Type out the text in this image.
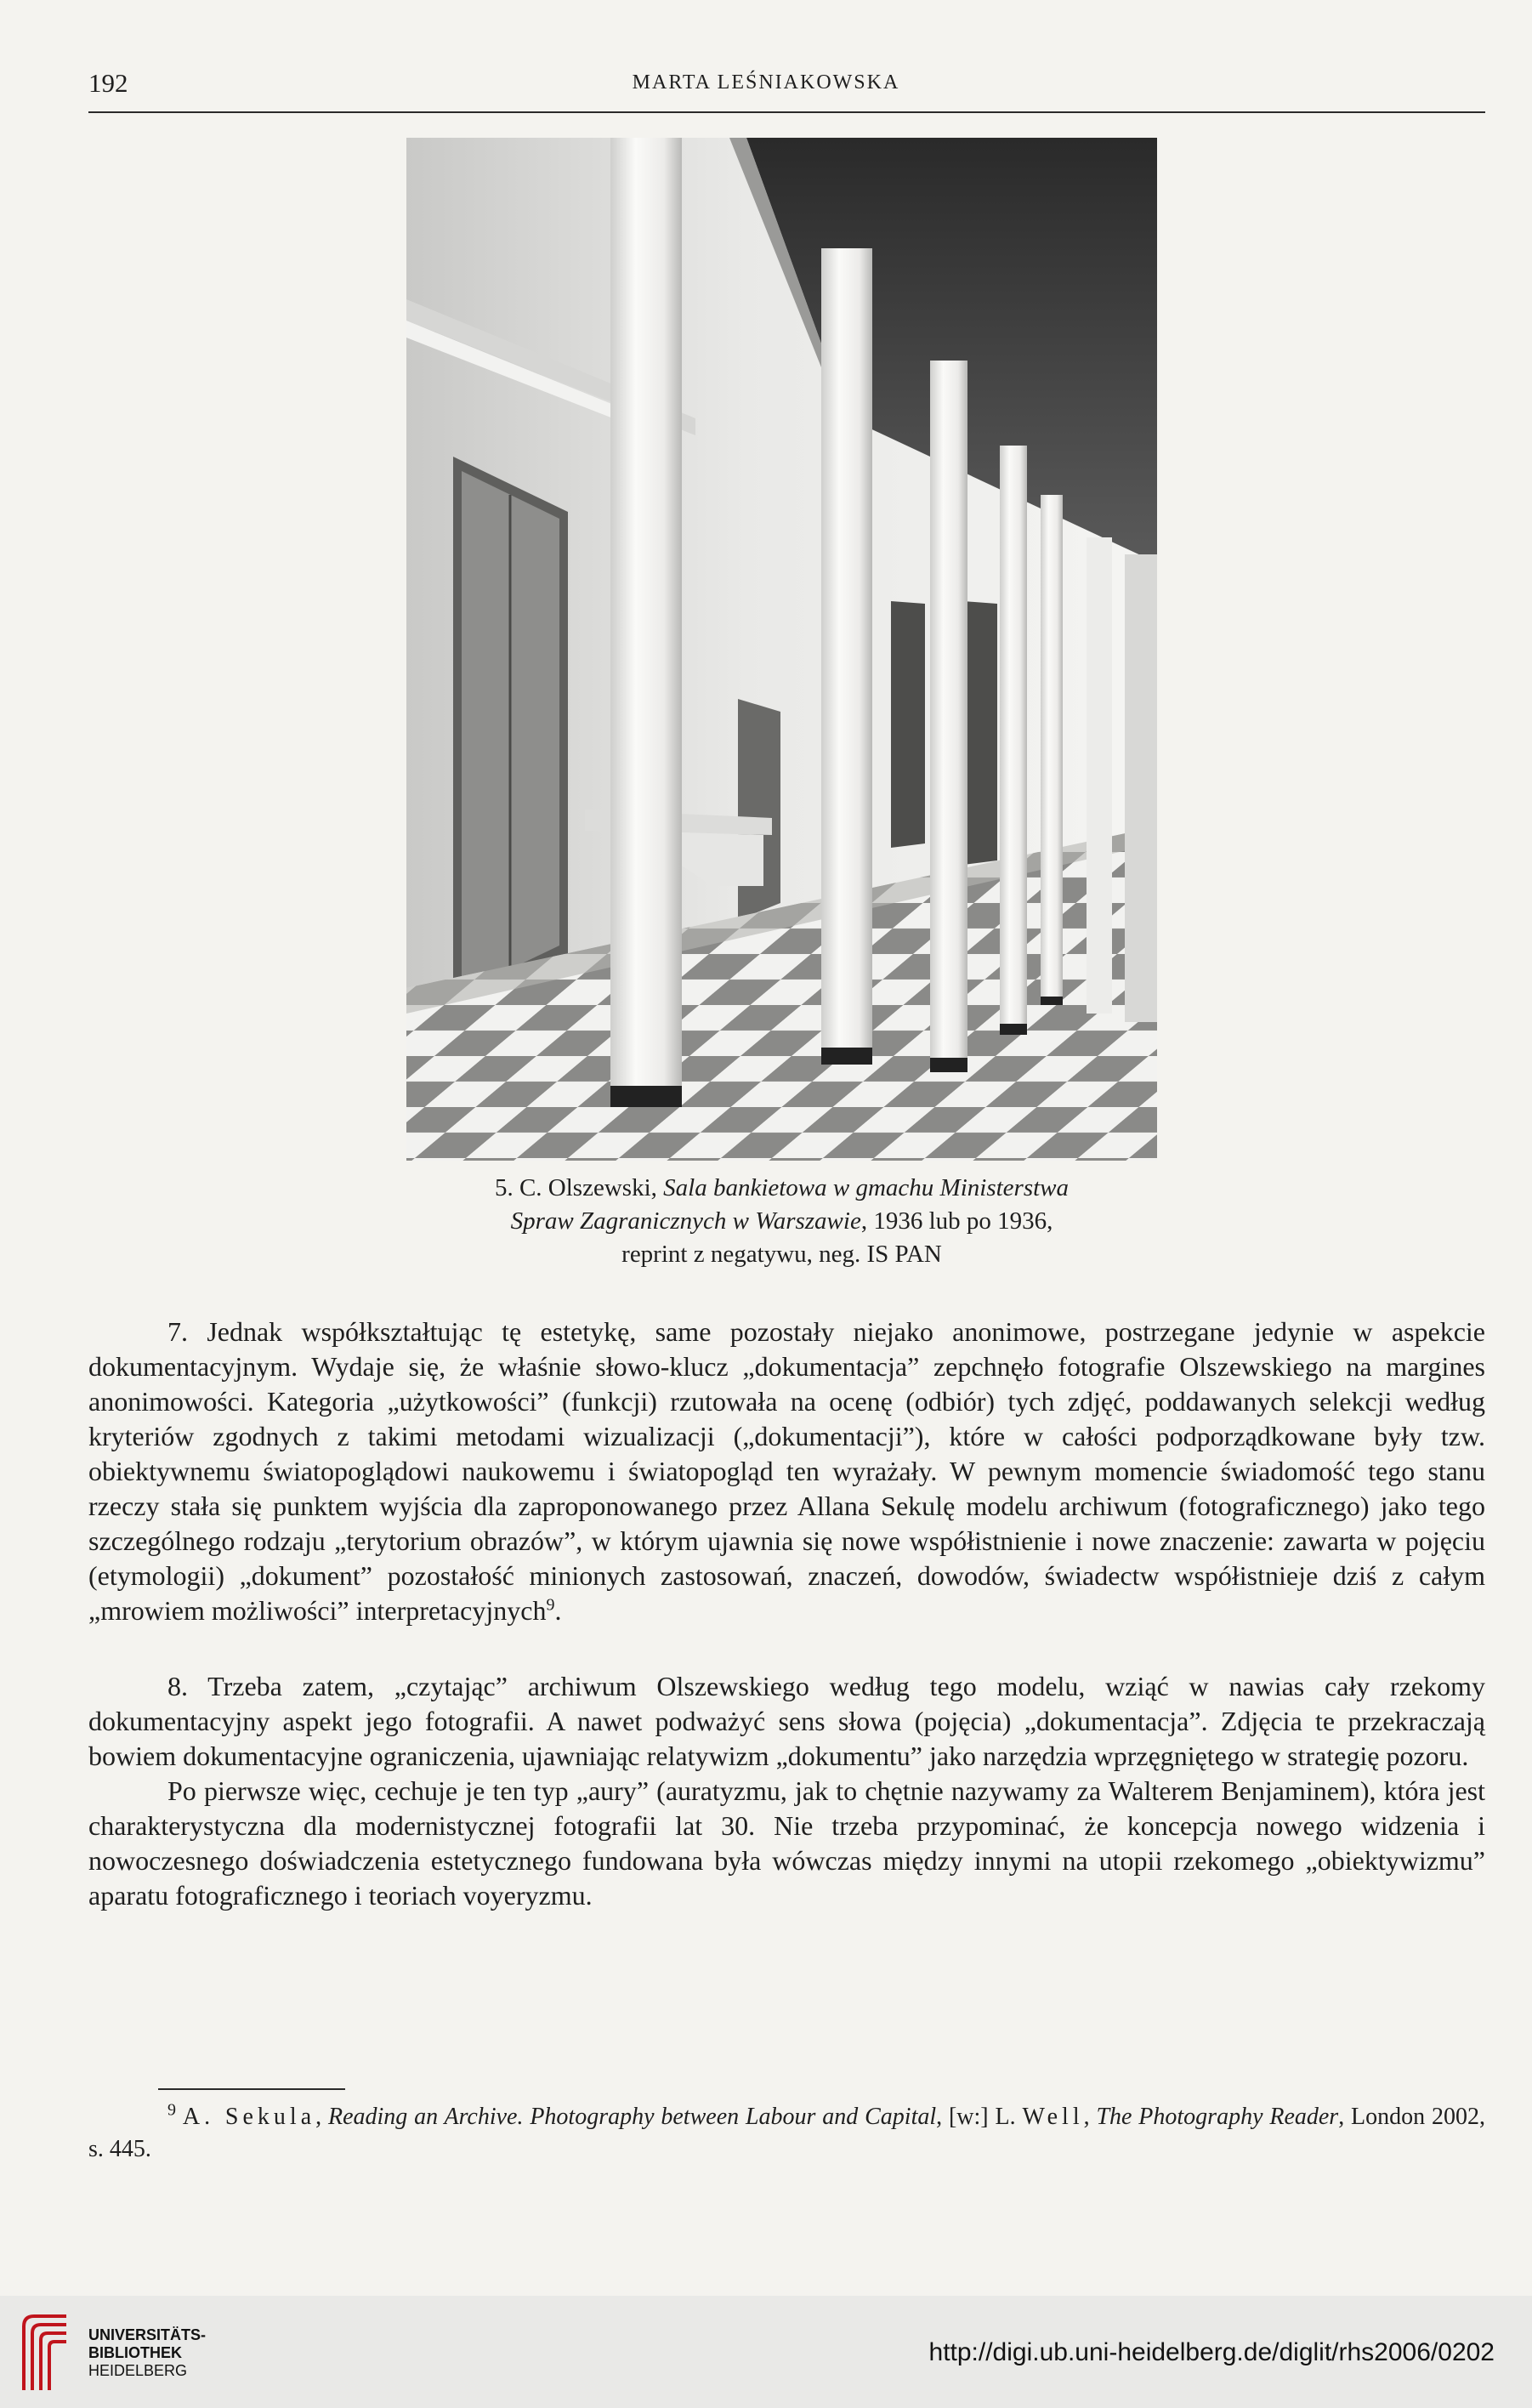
192	MARTA LEŚNIAKOWSKA
5. C. Olszewski, Sala bankietowa w gmachu Ministerstwa
Spraw Zagranicznych w Warszawie, 1936 lub po 1936,
reprint z negatywu, neg. IS PAN

7. Jednak współkształtując tę estetykę, same pozostały niejako anonimowe, postrzegane jedynie w aspekcie dokumentacyjnym. Wydaje się, że właśnie słowo-klucz „dokumentacja” zepchnęło fotografie Olszewskiego na margines anonimowości. Kategoria „użytkowości” (funkcji) rzutowała na ocenę (odbiór) tych zdjęć, poddawanych selekcji według kryteriów zgodnych z takimi metodami wizualizacji („dokumentacji”), które w całości podporządkowane były tzw. obiektywnemu światopoglądowi naukowemu i światopogląd ten wyrażały. W pewnym momencie świadomość tego stanu rzeczy stała się punktem wyjścia dla zaproponowanego przez Allana Sekulę modelu archiwum (fotograficznego) jako tego szczególnego rodzaju „terytorium obrazów”, w którym ujawnia się nowe współistnienie i nowe znaczenie: zawarta w pojęciu (etymologii) „dokument” pozostałość minionych zastosowań, znaczeń, dowodów, świadectw współistnieje dziś z całym „mrowiem możliwości” interpretacyjnych$^9$.

8. Trzeba zatem, „czytając” archiwum Olszewskiego według tego modelu, wziąć w nawias cały rzekomy dokumentacyjny aspekt jego fotografii. A nawet podważyć sens słowa (pojęcia) „dokumentacja”. Zdjęcia te przekraczają bowiem dokumentacyjne ograniczenia, ujawniając relatywizm „dokumentu” jako narzędzia wprzęgniętego w strategię pozoru.

Po pierwsze więc, cechuje je ten typ „aury” (auratyzmu, jak to chętnie nazywamy za Walterem Benjaminem), która jest charakterystyczna dla modernistycznej fotografii lat 30. Nie trzeba przypominać, że koncepcja nowego widzenia i nowoczesnego doświadczenia estetycznego fundowana była wówczas między innymi na utopii rzekomego „obiektywizmu” aparatu fotograficznego i teoriach voyeryzmu.

$^9$ A. Sekula, Reading an Archive. Photography between Labour and Capital, [w:] L. Well, The Photography Reader, London 2002, s. 445.
UNIVERSITÄTS-
BIBLIOTHEK
HEIDELBERG
http://digi.ub.uni-heidelberg.de/diglit/rhs2006/0202
